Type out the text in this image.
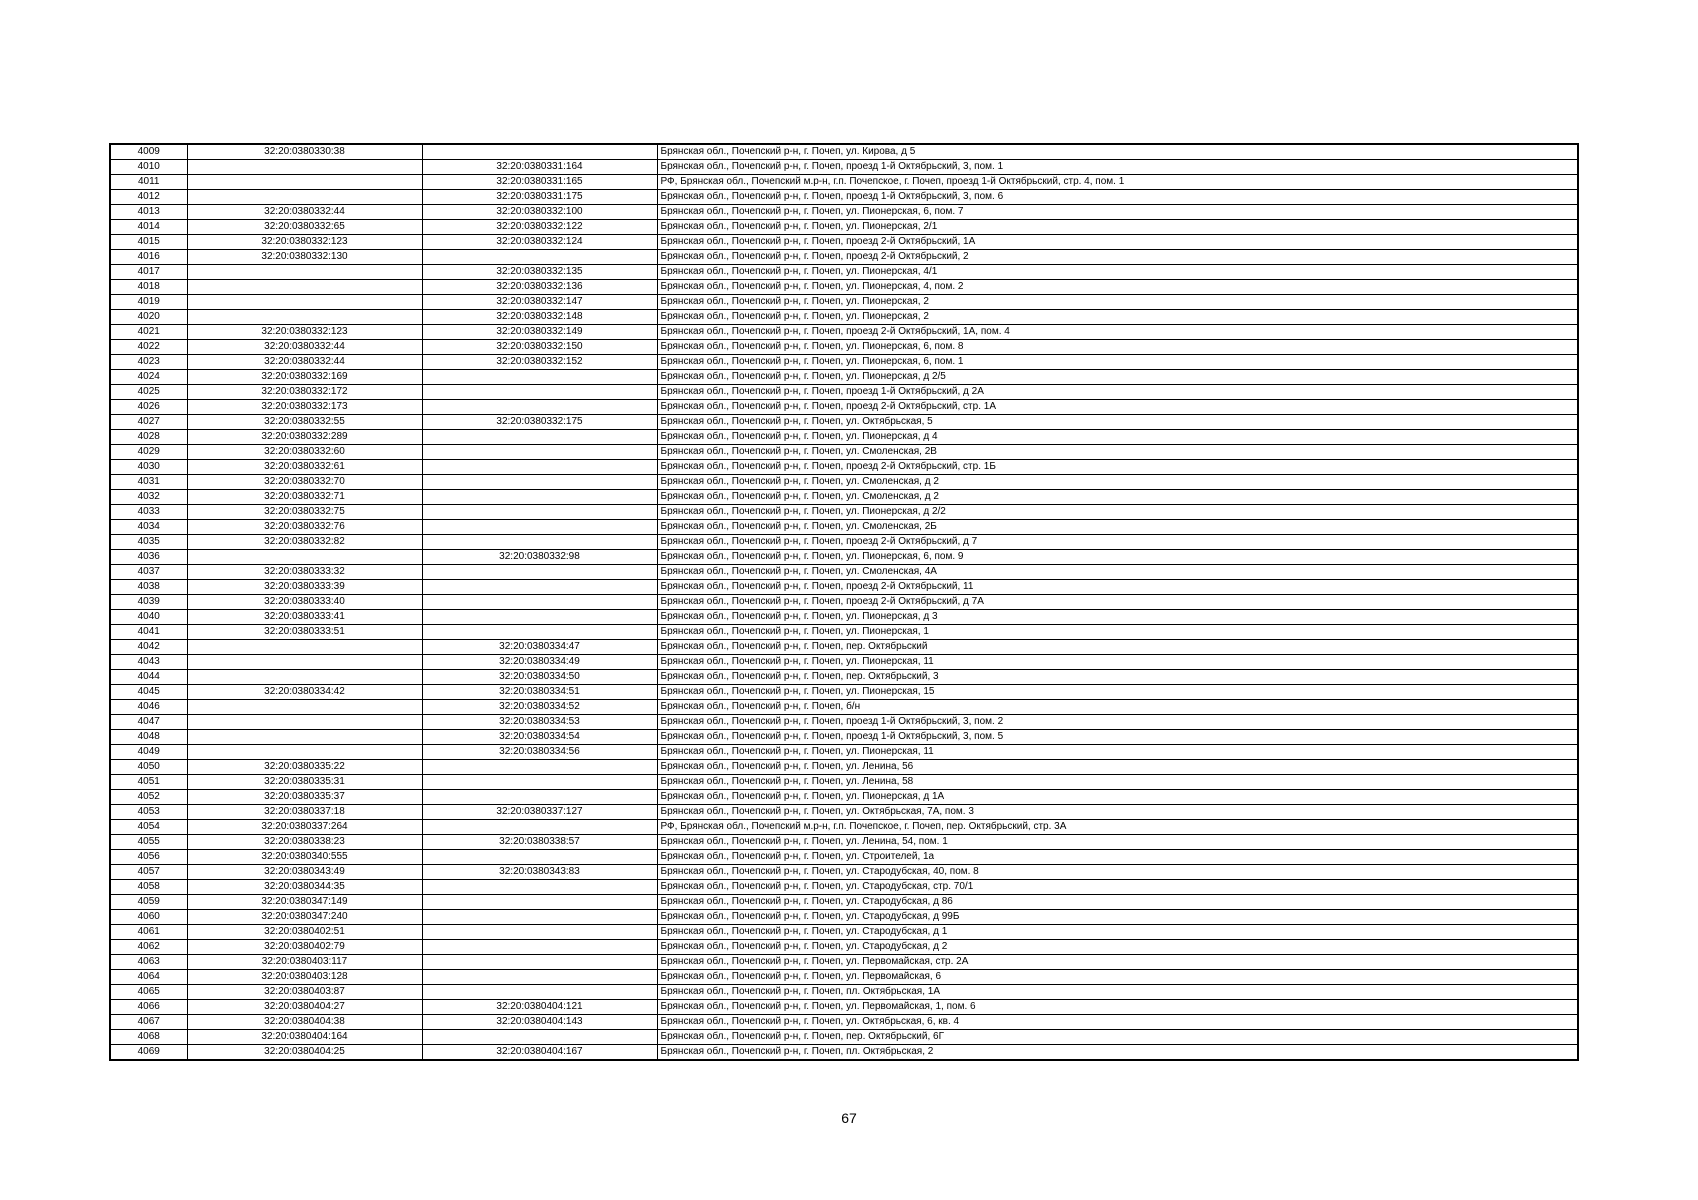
4009	32:20:0380330:38		Брянская обл., Почепский р-н, г. Почеп, ул. Кирова, д 5
4010		32:20:0380331:164	Брянская обл., Почепский р-н, г. Почеп, проезд 1-й Октябрьский, 3, пом. 1
4011		32:20:0380331:165	РФ, Брянская обл., Почепский м.р-н, г.п. Почепское, г. Почеп, проезд 1-й Октябрьский, стр. 4, пом. 1
4012		32:20:0380331:175	Брянская обл., Почепский р-н, г. Почеп, проезд 1-й Октябрьский, 3, пом. 6
4013	32:20:0380332:44	32:20:0380332:100	Брянская обл., Почепский р-н, г. Почеп, ул. Пионерская, 6, пом. 7
4014	32:20:0380332:65	32:20:0380332:122	Брянская обл., Почепский р-н, г. Почеп, ул. Пионерская, 2/1
4015	32:20:0380332:123	32:20:0380332:124	Брянская обл., Почепский р-н, г. Почеп, проезд 2-й Октябрьский, 1А
4016	32:20:0380332:130		Брянская обл., Почепский р-н, г. Почеп, проезд 2-й Октябрьский, 2
4017		32:20:0380332:135	Брянская обл., Почепский р-н, г. Почеп, ул. Пионерская, 4/1
4018		32:20:0380332:136	Брянская обл., Почепский р-н, г. Почеп, ул. Пионерская, 4, пом. 2
4019		32:20:0380332:147	Брянская обл., Почепский р-н, г. Почеп, ул. Пионерская, 2
4020		32:20:0380332:148	Брянская обл., Почепский р-н, г. Почеп, ул. Пионерская, 2
4021	32:20:0380332:123	32:20:0380332:149	Брянская обл., Почепский р-н, г. Почеп, проезд 2-й Октябрьский, 1А, пом. 4
4022	32:20:0380332:44	32:20:0380332:150	Брянская обл., Почепский р-н, г. Почеп, ул. Пионерская, 6, пом. 8
4023	32:20:0380332:44	32:20:0380332:152	Брянская обл., Почепский р-н, г. Почеп, ул. Пионерская, 6, пом. 1
4024	32:20:0380332:169		Брянская обл., Почепский р-н, г. Почеп, ул. Пионерская, д 2/5
4025	32:20:0380332:172		Брянская обл., Почепский р-н, г. Почеп, проезд 1-й Октябрьский, д 2А
4026	32:20:0380332:173		Брянская обл., Почепский р-н, г. Почеп, проезд 2-й Октябрьский, стр. 1А
4027	32:20:0380332:55	32:20:0380332:175	Брянская обл., Почепский р-н, г. Почеп, ул. Октябрьская, 5
4028	32:20:0380332:289		Брянская обл., Почепский р-н, г. Почеп, ул. Пионерская, д 4
4029	32:20:0380332:60		Брянская обл., Почепский р-н, г. Почеп, ул. Смоленская, 2В
4030	32:20:0380332:61		Брянская обл., Почепский р-н, г. Почеп, проезд 2-й Октябрьский, стр. 1Б
4031	32:20:0380332:70		Брянская обл., Почепский р-н, г. Почеп, ул. Смоленская, д 2
4032	32:20:0380332:71		Брянская обл., Почепский р-н, г. Почеп, ул. Смоленская, д 2
4033	32:20:0380332:75		Брянская обл., Почепский р-н, г. Почеп, ул. Пионерская, д 2/2
4034	32:20:0380332:76		Брянская обл., Почепский р-н, г. Почеп, ул. Смоленская, 2Б
4035	32:20:0380332:82		Брянская обл., Почепский р-н, г. Почеп, проезд 2-й Октябрьский, д 7
4036		32:20:0380332:98	Брянская обл., Почепский р-н, г. Почеп, ул. Пионерская, 6, пом. 9
4037	32:20:0380333:32		Брянская обл., Почепский р-н, г. Почеп, ул. Смоленская, 4А
4038	32:20:0380333:39		Брянская обл., Почепский р-н, г. Почеп, проезд 2-й Октябрьский, 11
4039	32:20:0380333:40		Брянская обл., Почепский р-н, г. Почеп, проезд 2-й Октябрьский, д 7А
4040	32:20:0380333:41		Брянская обл., Почепский р-н, г. Почеп, ул. Пионерская, д 3
4041	32:20:0380333:51		Брянская обл., Почепский р-н, г. Почеп, ул. Пионерская, 1
4042		32:20:0380334:47	Брянская обл., Почепский р-н, г. Почеп, пер. Октябрьский
4043		32:20:0380334:49	Брянская обл., Почепский р-н, г. Почеп, ул. Пионерская, 11
4044		32:20:0380334:50	Брянская обл., Почепский р-н, г. Почеп, пер. Октябрьский, 3
4045	32:20:0380334:42	32:20:0380334:51	Брянская обл., Почепский р-н, г. Почеп, ул. Пионерская, 15
4046		32:20:0380334:52	Брянская обл., Почепский р-н, г. Почеп, б/н
4047		32:20:0380334:53	Брянская обл., Почепский р-н, г. Почеп, проезд 1-й Октябрьский, 3, пом. 2
4048		32:20:0380334:54	Брянская обл., Почепский р-н, г. Почеп, проезд 1-й Октябрьский, 3, пом. 5
4049		32:20:0380334:56	Брянская обл., Почепский р-н, г. Почеп, ул. Пионерская, 11
4050	32:20:0380335:22		Брянская обл., Почепский р-н, г. Почеп, ул. Ленина, 56
4051	32:20:0380335:31		Брянская обл., Почепский р-н, г. Почеп, ул. Ленина, 58
4052	32:20:0380335:37		Брянская обл., Почепский р-н, г. Почеп, ул. Пионерская, д 1А
4053	32:20:0380337:18	32:20:0380337:127	Брянская обл., Почепский р-н, г. Почеп, ул. Октябрьская, 7А, пом. 3
4054	32:20:0380337:264		РФ, Брянская обл., Почепский м.р-н, г.п. Почепское, г. Почеп, пер. Октябрьский, стр. 3А
4055	32:20:0380338:23	32:20:0380338:57	Брянская обл., Почепский р-н, г. Почеп, ул. Ленина, 54, пом. 1
4056	32:20:0380340:555		Брянская обл., Почепский р-н, г. Почеп, ул. Строителей, 1а
4057	32:20:0380343:49	32:20:0380343:83	Брянская обл., Почепский р-н, г. Почеп, ул. Стародубская, 40, пом. 8
4058	32:20:0380344:35		Брянская обл., Почепский р-н, г. Почеп, ул. Стародубская, стр. 70/1
4059	32:20:0380347:149		Брянская обл., Почепский р-н, г. Почеп, ул. Стародубская, д 86
4060	32:20:0380347:240		Брянская обл., Почепский р-н, г. Почеп, ул. Стародубская, д 99Б
4061	32:20:0380402:51		Брянская обл., Почепский р-н, г. Почеп, ул. Стародубская, д 1
4062	32:20:0380402:79		Брянская обл., Почепский р-н, г. Почеп, ул. Стародубская, д 2
4063	32:20:0380403:117		Брянская обл., Почепский р-н, г. Почеп, ул. Первомайская, стр. 2А
4064	32:20:0380403:128		Брянская обл., Почепский р-н, г. Почеп, ул. Первомайская, 6
4065	32:20:0380403:87		Брянская обл., Почепский р-н, г. Почеп, пл. Октябрьская, 1А
4066	32:20:0380404:27	32:20:0380404:121	Брянская обл., Почепский р-н, г. Почеп, ул. Первомайская, 1, пом. 6
4067	32:20:0380404:38	32:20:0380404:143	Брянская обл., Почепский р-н, г. Почеп, ул. Октябрьская, 6, кв. 4
4068	32:20:0380404:164		Брянская обл., Почепский р-н, г. Почеп, пер. Октябрьский, 6Г
4069	32:20:0380404:25	32:20:0380404:167	Брянская обл., Почепский р-н, г. Почеп, пл. Октябрьская, 2
67
